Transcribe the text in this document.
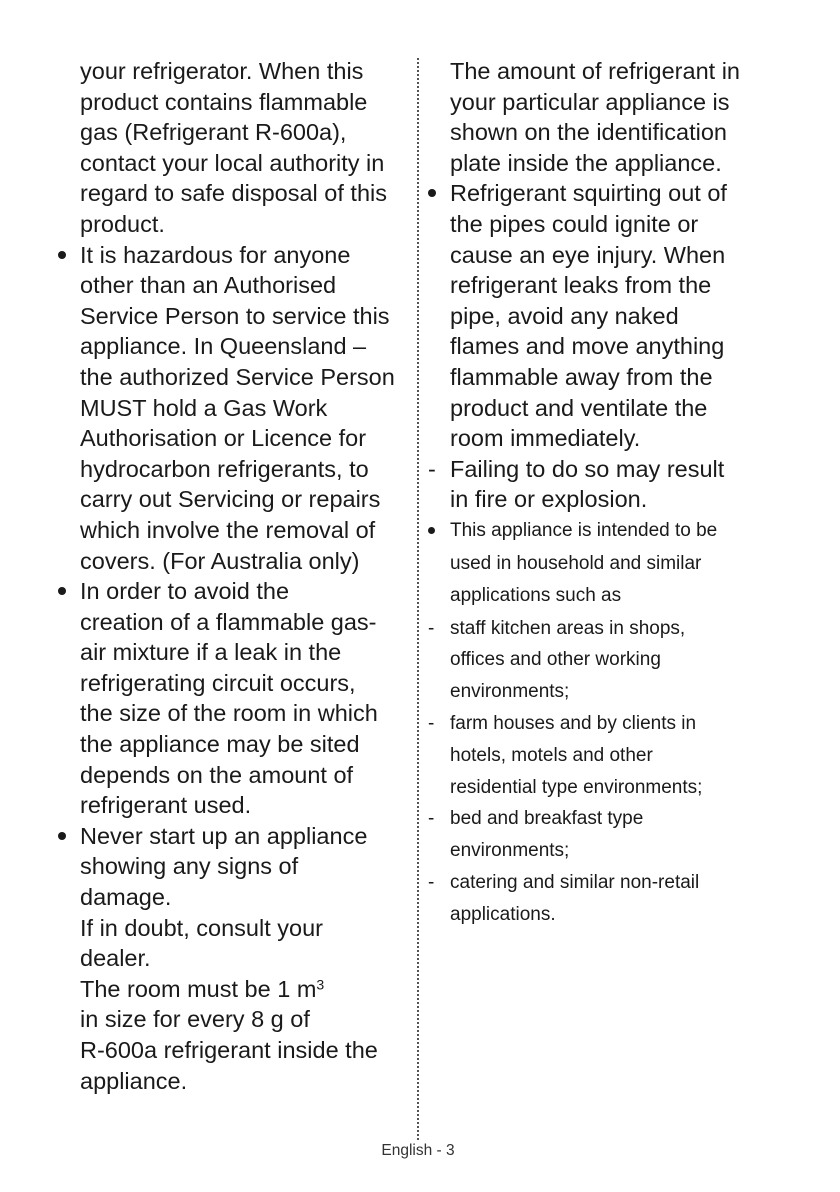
your refrigerator. When this
product contains flammable
gas (Refrigerant R-600a),
contact your local authority in
regard to safe disposal of this
product.
It is hazardous for anyone
other than an Authorised
Service Person to service this
appliance. In Queensland –
the authorized Service Person
MUST hold a Gas Work
Authorisation or Licence for
hydrocarbon refrigerants, to
carry out Servicing or repairs
which involve the removal of
covers. (For Australia only)
In order to avoid the
creation of a flammable gas-
air mixture if a leak in the
refrigerating circuit occurs,
the size of the room in which
the appliance may be sited
depends on the amount of
refrigerant used.
Never start up an appliance
showing any signs of
damage.
If in doubt, consult your
dealer.
The room must be 1 $m^3$
in size for every 8 g of
R-600a refrigerant inside the
appliance.
The amount of refrigerant in
your particular appliance is
shown on the identification
plate inside the appliance.
Refrigerant squirting out of
the pipes could ignite or
cause an eye injury. When
refrigerant leaks from the
pipe, avoid any naked
flames and move anything
flammable away from the
product and ventilate the
room immediately.
- Failing to do so may result
in fire or explosion.
This appliance is intended to be
used in household and similar
applications such as
- staff kitchen areas in shops,
offices and other working
environments;
- farm houses and by clients in
hotels, motels and other
residential type environments;
- bed and breakfast type
environments;
- catering and similar non-retail
applications.
English - 3
